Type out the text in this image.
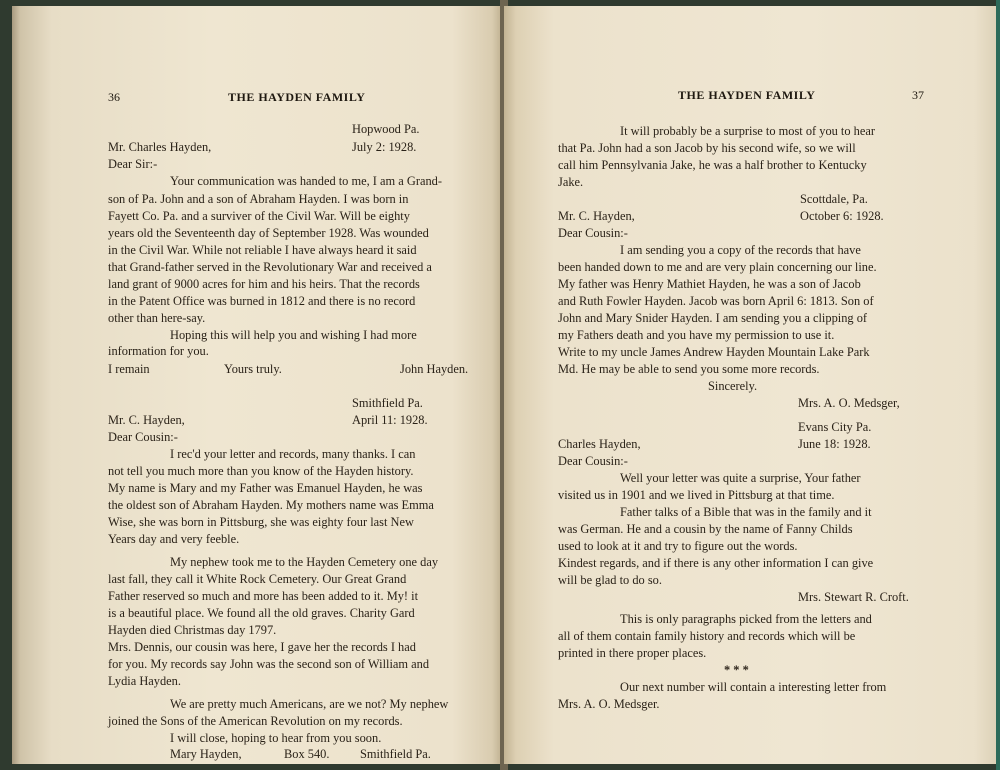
36	THE HAYDEN FAMILY
Hopwood Pa.
Mr. Charles Hayden,	July 2: 1928.
Dear Sir:-
Your communication was handed to me, I am a Grand-
son of Pa. John and a son of Abraham Hayden. I was born in
Fayett Co. Pa. and a surviver of the Civil War. Will be eighty
years old the Seventeenth day of September 1928. Was wounded
in the Civil War. While not reliable I have always heard it said
that Grand-father served in the Revolutionary War and received a
land grant of 9000 acres for him and his heirs. That the records
in the Patent Office was burned in 1812 and there is no record
other than here-say.
Hoping this will help you and wishing I had more
information for you.
I remain	Yours truly.	John Hayden.
Smithfield Pa.
Mr. C. Hayden,	April 11: 1928.
Dear Cousin:-
I rec'd your letter and records, many thanks. I can
not tell you much more than you know of the Hayden history.
My name is Mary and my Father was Emanuel Hayden, he was
the oldest son of Abraham Hayden. My mothers name was Emma
Wise, she was born in Pittsburg, she was eighty four last New
Years day and very feeble.
My nephew took me to the Hayden Cemetery one day
last fall, they call it White Rock Cemetery. Our Great Grand
Father reserved so much and more has been added to it. My! it
is a beautiful place. We found all the old graves. Charity Gard
Hayden died Christmas day 1797.
Mrs. Dennis, our cousin was here, I gave her the records I had
for you. My records say John was the second son of William and
Lydia Hayden.
We are pretty much Americans, are we not? My nephew
joined the Sons of the American Revolution on my records.
I will close, hoping to hear from you soon.
Mary Hayden,	Box 540. Smithfield Pa.
THE HAYDEN FAMILY	37
It will probably be a surprise to most of you to hear
that Pa. John had a son Jacob by his second wife, so we will
call him Pennsylvania Jake, he was a half brother to Kentucky
Jake.
Scottdale, Pa.
Mr. C. Hayden,	October 6: 1928.
Dear Cousin:-
I am sending you a copy of the records that have
been handed down to me and are very plain concerning our line.
My father was Henry Mathiet Hayden, he was a son of Jacob
and Ruth Fowler Hayden. Jacob was born April 6: 1813. Son of
John and Mary Snider Hayden. I am sending you a clipping of
my Fathers death and you have my permission to use it.
Write to my uncle James Andrew Hayden Mountain Lake Park
Md. He may be able to send you some more records.
Sincerely.
Mrs. A. O. Medsger,
Evans City Pa.
Charles Hayden,	June 18: 1928.
Dear Cousin:-
Well your letter was quite a surprise, Your father
visited us in 1901 and we lived in Pittsburg at that time.
Father talks of a Bible that was in the family and it
was German. He and a cousin by the name of Fanny Childs
used to look at it and try to figure out the words.
Kindest regards, and if there is any other information I can give
will be glad to do so.
Mrs. Stewart R. Croft.
This is only paragraphs picked from the letters and
all of them contain family history and records which will be
printed in there proper places.
* * *
Our next number will contain a interesting letter from
Mrs. A. O. Medsger.
